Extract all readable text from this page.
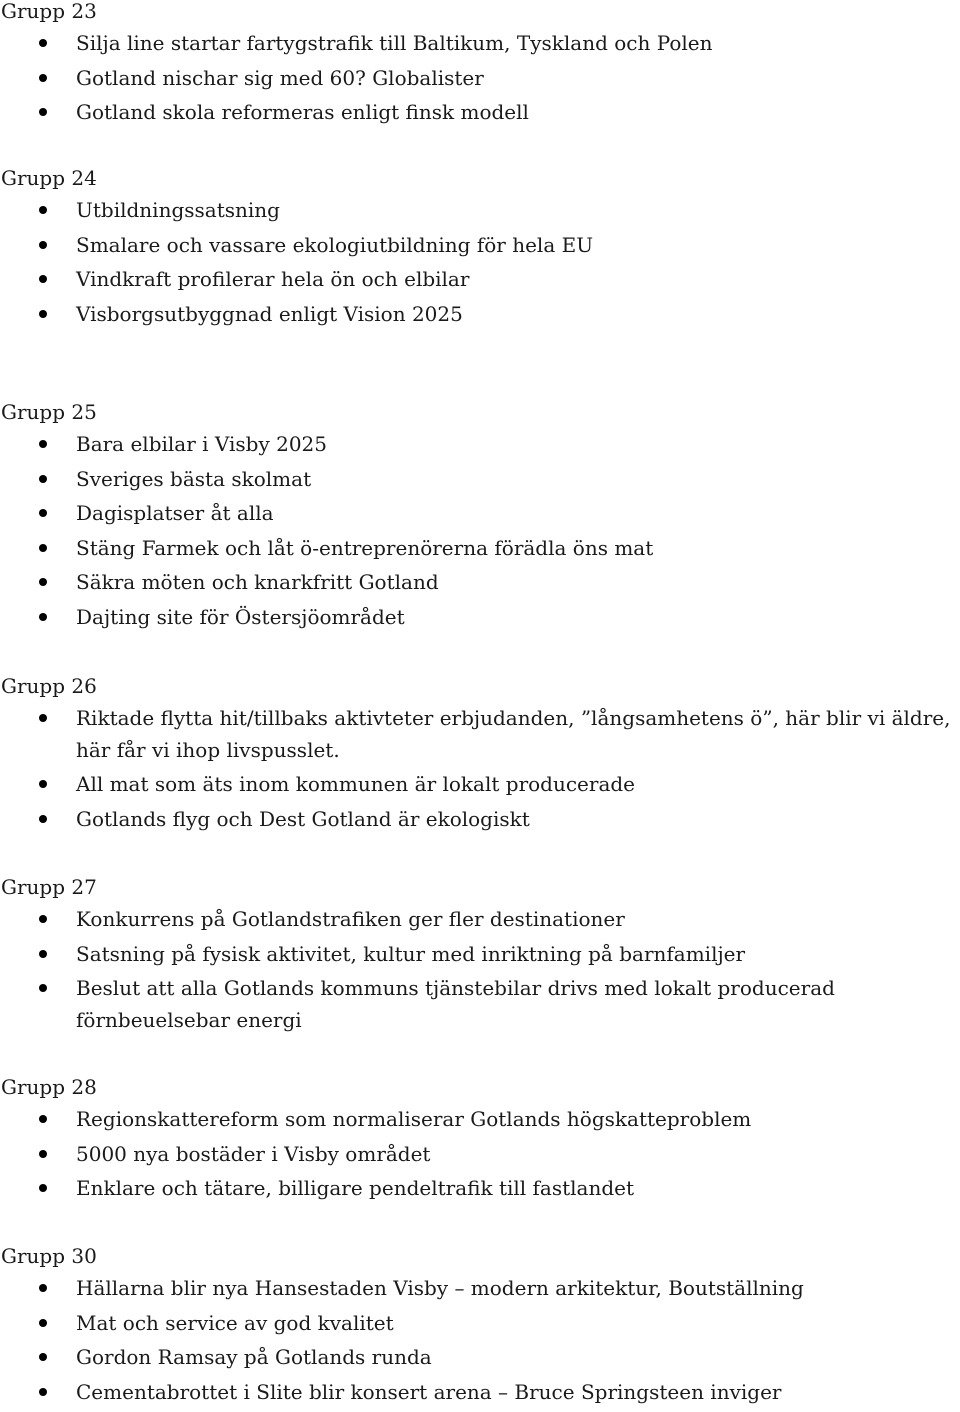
Grupp 23
Silja line startar fartygstrafik till Baltikum, Tyskland och Polen
Gotland nischar sig med 60? Globalister
Gotland skola reformeras enligt finsk modell
Grupp 24
Utbildningssatsning
Smalare och vassare ekologiutbildning för hela EU
Vindkraft profilerar hela ön och elbilar
Visborgsutbyggnad enligt Vision 2025
Grupp 25
Bara elbilar i Visby 2025
Sveriges bästa skolmat
Dagisplatser åt alla
Stäng Farmek och låt ö-entreprenörerna förädla öns mat
Säkra möten och knarkfritt Gotland
Dajting site för Östersjöområdet
Grupp 26
Riktade flytta hit/tillbaks aktivteter erbjudanden, ”långsamhetens ö”, här blir vi äldre, här får vi ihop livspusslet.
All mat som äts inom kommunen är lokalt producerade
Gotlands flyg och Dest Gotland är ekologiskt
Grupp 27
Konkurrens på Gotlandstrafiken ger fler destinationer
Satsning på fysisk aktivitet, kultur med inriktning på barnfamiljer
Beslut att alla Gotlands kommuns tjänstebilar drivs med lokalt producerad förnbeuelsebar energi
Grupp 28
Regionskattereform som normaliserar Gotlands högskatteproblem
5000 nya bostäder i Visby området
Enklare och tätare, billigare pendeltrafik till fastlandet
Grupp 30
Hällarna blir nya Hansestaden Visby – modern arkitektur, Boutställning
Mat och service av god kvalitet
Gordon Ramsay på Gotlands runda
Cementabrottet i Slite blir konsert arena – Bruce Springsteen inviger
